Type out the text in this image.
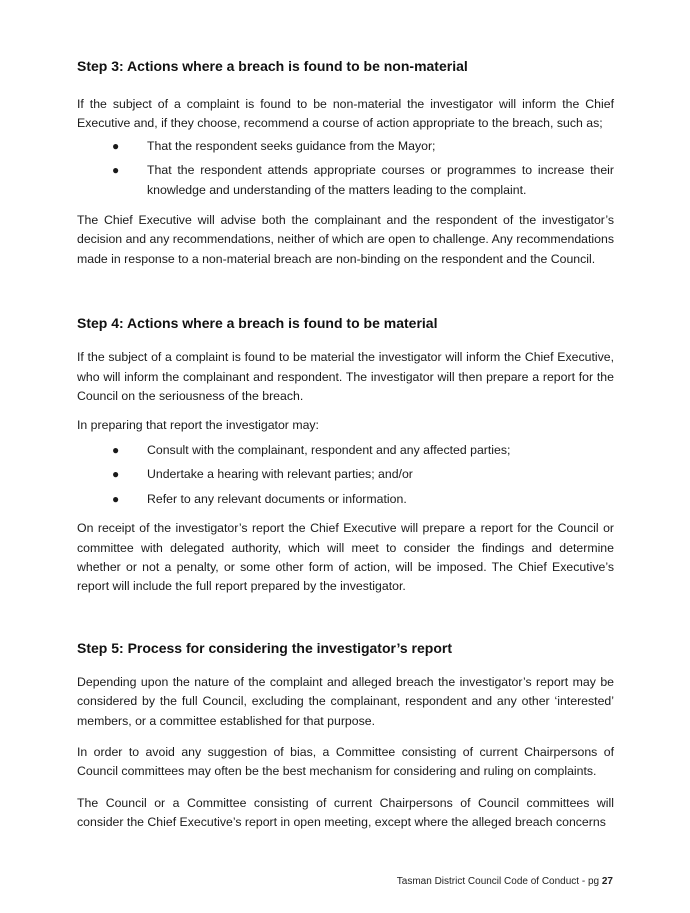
Step 3: Actions where a breach is found to be non-material

If the subject of a complaint is found to be non-material the investigator will inform the Chief Executive and, if they choose, recommend a course of action appropriate to the breach, such as;

● That the respondent seeks guidance from the Mayor;
● That the respondent attends appropriate courses or programmes to increase their knowledge and understanding of the matters leading to the complaint.

The Chief Executive will advise both the complainant and the respondent of the investigator’s decision and any recommendations, neither of which are open to challenge. Any recommendations made in response to a non-material breach are non-binding on the respondent and the Council.

Step 4: Actions where a breach is found to be material

If the subject of a complaint is found to be material the investigator will inform the Chief Executive, who will inform the complainant and respondent. The investigator will then prepare a report for the Council on the seriousness of the breach.

In preparing that report the investigator may:

● Consult with the complainant, respondent and any affected parties;
● Undertake a hearing with relevant parties; and/or
● Refer to any relevant documents or information.

On receipt of the investigator’s report the Chief Executive will prepare a report for the Council or committee with delegated authority, which will meet to consider the findings and determine whether or not a penalty, or some other form of action, will be imposed. The Chief Executive’s report will include the full report prepared by the investigator.

Step 5: Process for considering the investigator’s report

Depending upon the nature of the complaint and alleged breach the investigator’s report may be considered by the full Council, excluding the complainant, respondent and any other ‘interested’ members, or a committee established for that purpose.

In order to avoid any suggestion of bias, a Committee consisting of current Chairpersons of Council committees may often be the best mechanism for considering and ruling on complaints.

The Council or a Committee consisting of current Chairpersons of Council committees will consider the Chief Executive’s report in open meeting, except where the alleged breach concerns

Tasman District Council Code of Conduct - pg 27
